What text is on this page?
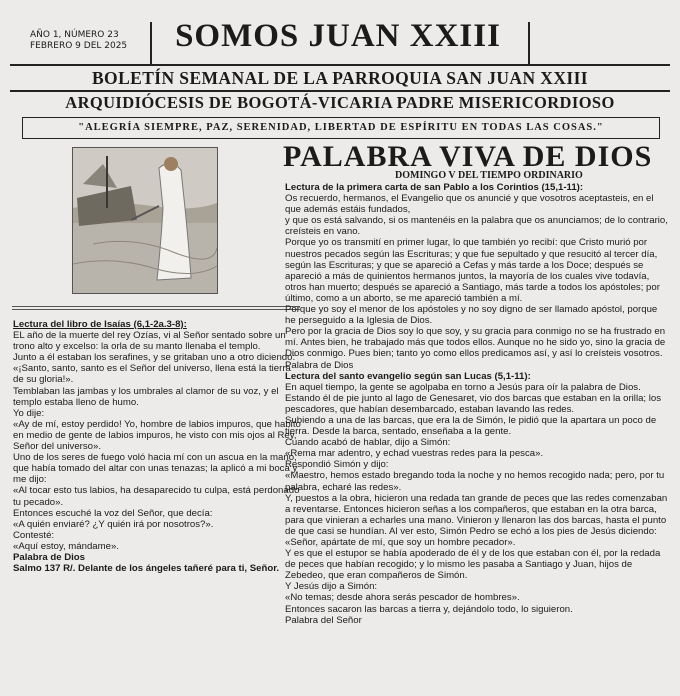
AÑO 1, NÚMERO 23
FEBRERO 9 DEL 2025	SOMOS JUAN XXIII
BOLETÍN SEMANAL DE LA PARROQUIA SAN JUAN XXIII
ARQUIDIÓCESIS DE BOGOTÁ-VICARIA PADRE MISERICORDIOSO
"ALEGRÍA SIEMPRE, PAZ, SERENIDAD, LIBERTAD DE ESPÍRITU EN TODAS LAS COSAS."
PALABRA VIVA DE DIOS
DOMINGO V DEL TIEMPO ORDINARIO

Lectura del libro de Isaías (6,1-2a.3-8):

EL año de la muerte del rey Ozías, vi al Señor sentado sobre un trono alto y excelso: la orla de su manto llenaba el templo.

Junto a él estaban los serafines, y se gritaban uno a otro diciendo:

«¡Santo, santo, santo es el Señor del universo, llena está la tierra de su gloria!».

Temblaban las jambas y los umbrales al clamor de su voz, y el templo estaba lleno de humo.

Yo dije:

«Ay de mí, estoy perdido! Yo, hombre de labios impuros, que habito en medio de gente de labios impuros, he visto con mis ojos al Rey, Señor del universo».

Uno de los seres de fuego voló hacia mí con un ascua en la mano, que había tomado del altar con unas tenazas; la aplicó a mi boca y me dijo:

«Al tocar esto tus labios, ha desaparecido tu culpa, está perdonado tu pecado».

Entonces escuché la voz del Señor, que decía:

«A quién enviaré? ¿Y quién irá por nosotros?».

Contesté:

«Aquí estoy, mándame».

Palabra de Dios

Salmo 137 R/. Delante de los ángeles tañeré para ti, Señor.

Lectura de la primera carta de san Pablo a los Corintios (15,1-11):

Os recuerdo, hermanos, el Evangelio que os anuncié y que vosotros aceptasteis, en el que además estáis fundados,

y que os está salvando, si os mantenéis en la palabra que os anunciamos; de lo contrario, creísteis en vano.

Porque yo os transmití en primer lugar, lo que también yo recibí: que Cristo murió por nuestros pecados según las Escrituras; y que fue sepultado y que resucitó al tercer día, según las Escrituras; y que se apareció a Cefas y más tarde a los Doce; después se apareció a más de quinientos hermanos juntos, la mayoría de los cuales vive todavía, otros han muerto; después se apareció a Santiago, más tarde a todos los apóstoles; por último, como a un aborto, se me apareció también a mí.

Porque yo soy el menor de los apóstoles y no soy digno de ser llamado apóstol, porque he perseguido a la Iglesia de Dios.

Pero por la gracia de Dios soy lo que soy, y su gracia para conmigo no se ha frustrado en mí. Antes bien, he trabajado más que todos ellos. Aunque no he sido yo, sino la gracia de Dios conmigo. Pues bien; tanto yo como ellos predicamos así, y así lo creísteis vosotros.

Palabra de Dios

Lectura del santo evangelio según san Lucas (5,1-11):

En aquel tiempo, la gente se agolpaba en torno a Jesús para oír la palabra de Dios.

Estando él de pie junto al lago de Genesaret, vio dos barcas que estaban en la orilla; los pescadores, que habían desembarcado, estaban lavando las redes.

Subiendo a una de las barcas, que era la de Simón, le pidió que la apartara un poco de tierra. Desde la barca, sentado, enseñaba a la gente.

Cuando acabó de hablar, dijo a Simón:

«Rema mar adentro, y echad vuestras redes para la pesca».

Respondió Simón y dijo:

«Maestro, hemos estado bregando toda la noche y no hemos recogido nada; pero, por tu palabra, echaré las redes».

Y, puestos a la obra, hicieron una redada tan grande de peces que las redes comenzaban a reventarse. Entonces hicieron señas a los compañeros, que estaban en la otra barca, para que vinieran a echarles una mano. Vinieron y llenaron las dos barcas, hasta el punto de que casi se hundían. Al ver esto, Simón Pedro se echó a los pies de Jesús diciendo:

«Señor, apártate de mí, que soy un hombre pecador».

Y es que el estupor se había apoderado de él y de los que estaban con él, por la redada de peces que habían recogido; y lo mismo les pasaba a Santiago y Juan, hijos de Zebedeo, que eran compañeros de Simón.

Y Jesús dijo a Simón:

«No temas; desde ahora serás pescador de hombres».

Entonces sacaron las barcas a tierra y, dejándolo todo, lo siguieron.

Palabra del Señor
